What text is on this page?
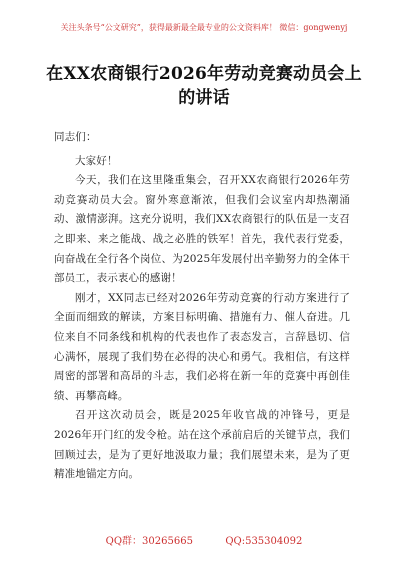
关注头条号“公文研究”，获得最新最全最专业的公文资料库！ 微信：gongwenyj
在XX农商银行2026年劳动竞赛动员会上的讲话

同志们：

大家好！

今天，我们在这里隆重集会，召开XX农商银行2026年劳动竞赛动员大会。窗外寒意渐浓，但我们会议室内却热潮涌动、激情澎湃。这充分说明，我们XX农商银行的队伍是一支召之即来、来之能战、战之必胜的铁军！首先，我代表行党委，向奋战在全行各个岗位、为2025年发展付出辛勤努力的全体干部员工，表示衷心的感谢！

刚才，XX同志已经对2026年劳动竞赛的行动方案进行了全面而细致的解读，方案目标明确、措施有力、催人奋进。几位来自不同条线和机构的代表也作了表态发言，言辞恳切、信心满怀，展现了我们势在必得的决心和勇气。我相信，有这样周密的部署和高昂的斗志，我们必将在新一年的竞赛中再创佳绩、再攀高峰。

召开这次动员会，既是2025年收官战的冲锋号，更是2026年开门红的发令枪。站在这个承前启后的关键节点，我们回顾过去，是为了更好地汲取力量；我们展望未来，是为了更精准地锚定方向。

QQ群：30265665	QQ:535304092
